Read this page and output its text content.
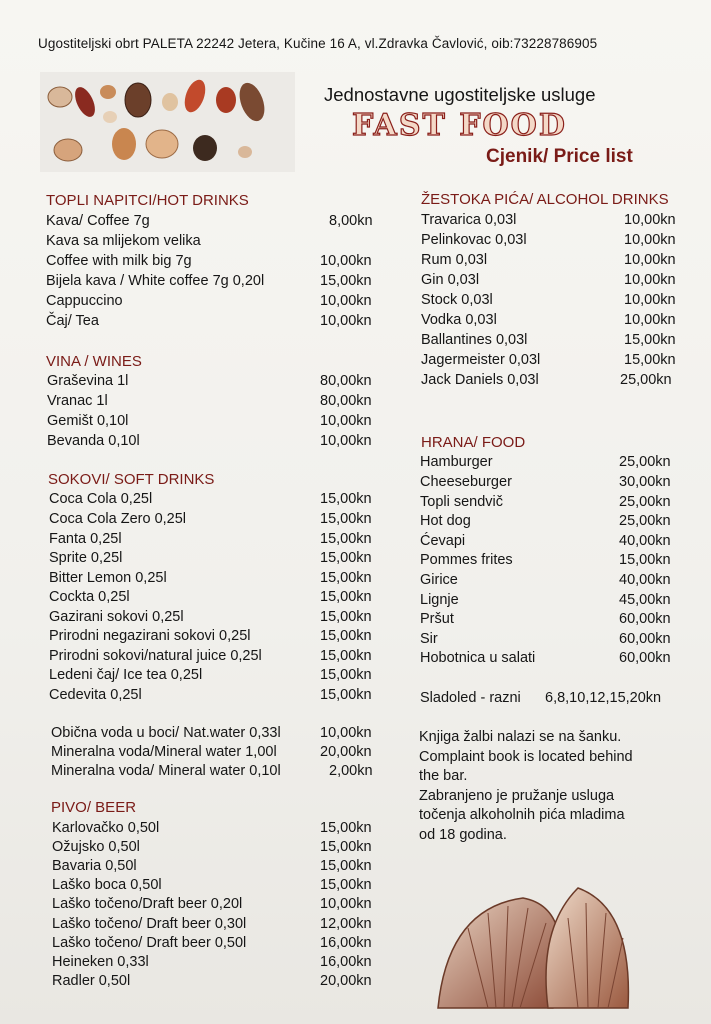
Ugostiteljski obrt PALETA 22242 Jetera, Kučine 16 A, vl.Zdravka Čavlović, oib:73228786905
Jednostavne ugostiteljske usluge
FAST FOOD
Cjenik/ Price list
TOPLI NAPITCI/HOT DRINKS
Kava/ Coffee 7g	8,00kn
Kava sa mlijekom velika
Coffee with milk big 7g	10,00kn
Bijela kava / White coffee 7g 0,20l	15,00kn
Cappuccino	10,00kn
Čaj/ Tea	10,00kn
VINA / WINES
Graševina 1l	80,00kn
Vranac 1l	80,00kn
Gemišt 0,10l	10,00kn
Bevanda 0,10l	10,00kn
SOKOVI/ SOFT DRINKS
Coca Cola 0,25l	15,00kn
Coca Cola Zero 0,25l	15,00kn
Fanta 0,25l	15,00kn
Sprite 0,25l	15,00kn
Bitter Lemon 0,25l	15,00kn
Cockta 0,25l	15,00kn
Gazirani sokovi 0,25l	15,00kn
Prirodni negazirani sokovi 0,25l	15,00kn
Prirodni sokovi/natural juice 0,25l	15,00kn
Ledeni čaj/ Ice tea 0,25l	15,00kn
Cedevita 0,25l	15,00kn
Obična voda u boci/ Nat.water 0,33l	10,00kn
Mineralna voda/Mineral water 1,00l	20,00kn
Mineralna voda/ Mineral water 0,10l	2,00kn
PIVO/ BEER
Karlovačko 0,50l	15,00kn
Ožujsko 0,50l	15,00kn
Bavaria 0,50l	15,00kn
Laško boca 0,50l	15,00kn
Laško točeno/Draft beer 0,20l	10,00kn
Laško točeno/ Draft beer 0,30l	12,00kn
Laško točeno/ Draft beer 0,50l	16,00kn
Heineken 0,33l	16,00kn
Radler 0,50l	20,00kn
ŽESTOKA PIĆA/ ALCOHOL DRINKS
Travarica 0,03l	10,00kn
Pelinkovac 0,03l	10,00kn
Rum 0,03l	10,00kn
Gin 0,03l	10,00kn
Stock 0,03l	10,00kn
Vodka 0,03l	10,00kn
Ballantines 0,03l	15,00kn
Jagermeister 0,03l	15,00kn
Jack Daniels 0,03l	25,00kn
HRANA/ FOOD
Hamburger	25,00kn
Cheeseburger	30,00kn
Topli sendvič	25,00kn
Hot dog	25,00kn
Ćevapi	40,00kn
Pommes frites	15,00kn
Girice	40,00kn
Lignje	45,00kn
Pršut	60,00kn
Sir	60,00kn
Hobotnica u salati	60,00kn
Sladoled - razni 6,8,10,12,15,20kn
Knjiga žalbi nalazi se na šanku.
Complaint book is located behind
the bar.
Zabranjeno je pružanje usluga
točenja alkoholnih pića mladima
od 18 godina.
